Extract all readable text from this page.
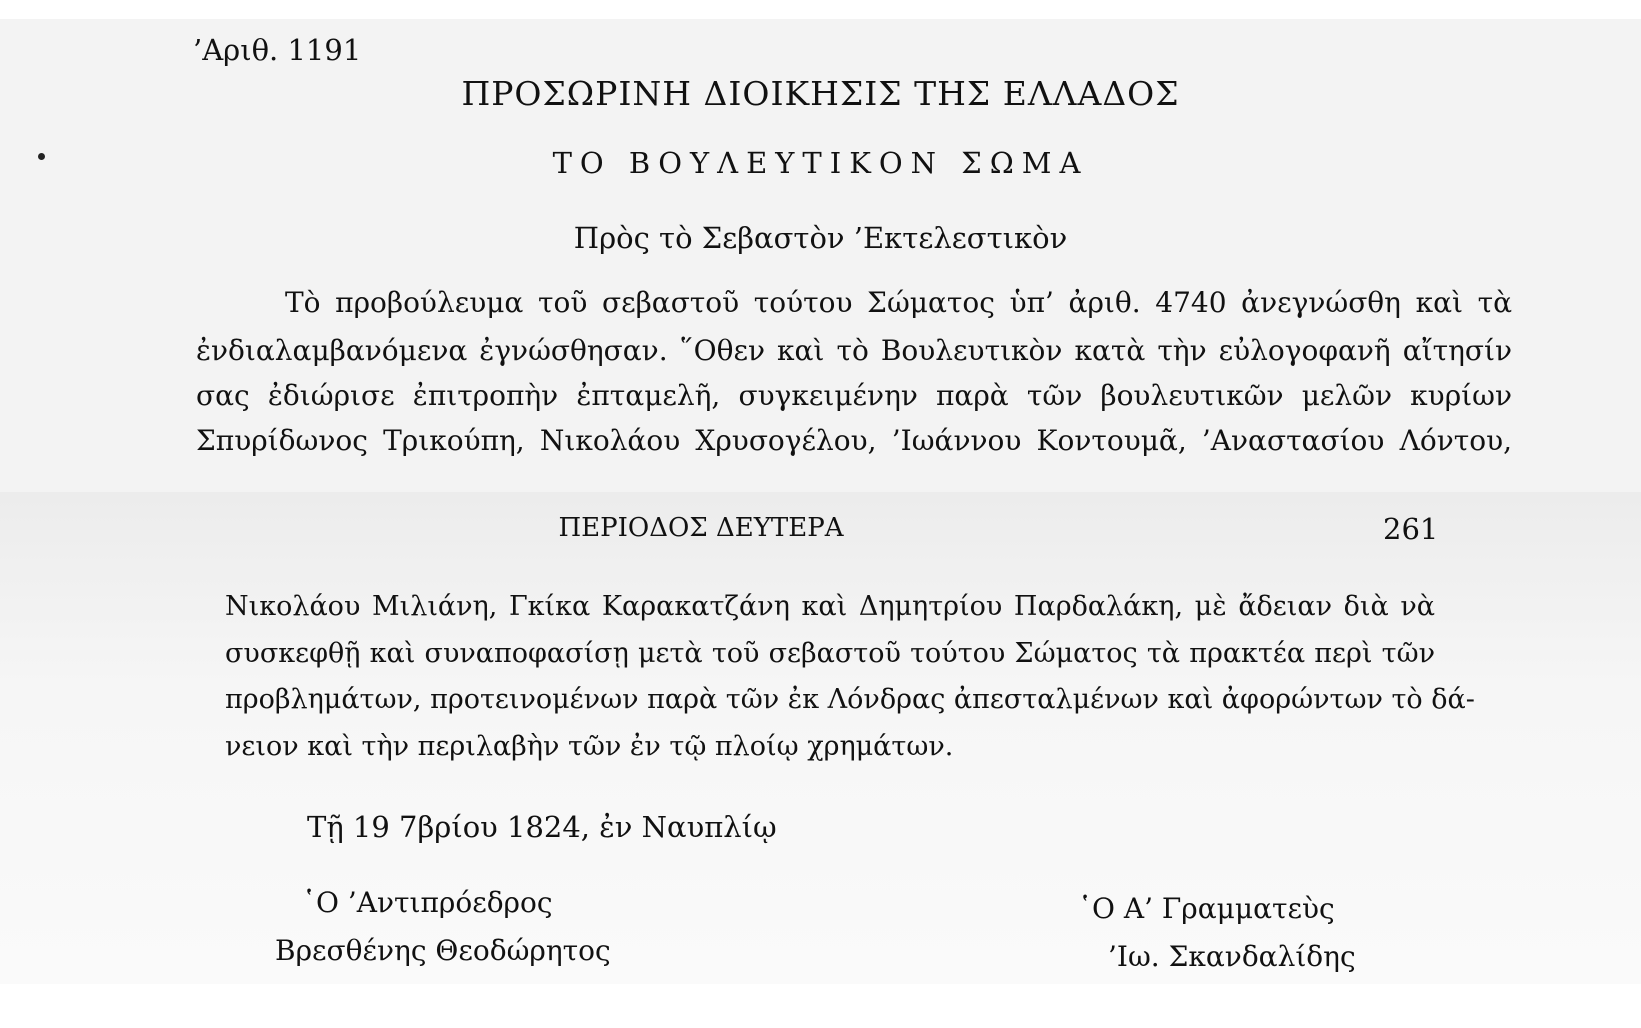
’Αριθ. 1191
ΠΡΟΣΩΡΙΝΗ ΔΙΟΙΚΗΣΙΣ ΤΗΣ ΕΛΛΑΔΟΣ
ΤΟ ΒΟΥΛΕΥΤΙΚΟΝ ΣΩΜΑ
Πρὸς τὸ Σεβαστὸν ’Εκτελεστικὸν
Τὸ προβούλευμα τοῦ σεβαστοῦ τούτου Σώματος ὑπ’ ἀριθ. 4740 ἀνεγνώσθη καὶ τὰ
ἐνδιαλαμβανόμενα ἐγνώσθησαν. ῞Οθεν καὶ τὸ Βουλευτικὸν κατὰ τὴν εὐλογοφανῆ αἴτησίν
σας ἐδιώρισε ἐπιτροπὴν ἐπταμελῆ, συγκειμένην παρὰ τῶν βουλευτικῶν μελῶν κυρίων
Σπυρίδωνος Τρικούπη, Νικολάου Χρυσογέλου, ’Ιωάννου Κοντουμᾶ, ’Αναστασίου Λόντου,
ΠΕΡΙΟΔΟΣ ΔΕΥΤΕΡΑ	261
Νικολάου Μιλιάνη, Γκίκα Καρακατζάνη καὶ Δημητρίου Παρδαλάκη, μὲ ἄδειαν διὰ νὰ
συσκεφθῇ καὶ συναποφασίσῃ μετὰ τοῦ σεβαστοῦ τούτου Σώματος τὰ πρακτέα περὶ τῶν
προβλημάτων, προτεινομένων παρὰ τῶν ἐκ Λόνδρας ἀπεσταλμένων καὶ ἀφορώντων τὸ δά-
νειον καὶ τὴν περιλαβὴν τῶν ἐν τῷ πλοίῳ χρημάτων.
Τῇ 19 7βρίου 1824, ἐν Ναυπλίῳ
῾Ο ’Αντιπρόεδρος
Βρεσθένης Θεοδώρητος
῾Ο Α’ Γραμματεὺς
’Ιω. Σκανδαλίδης
